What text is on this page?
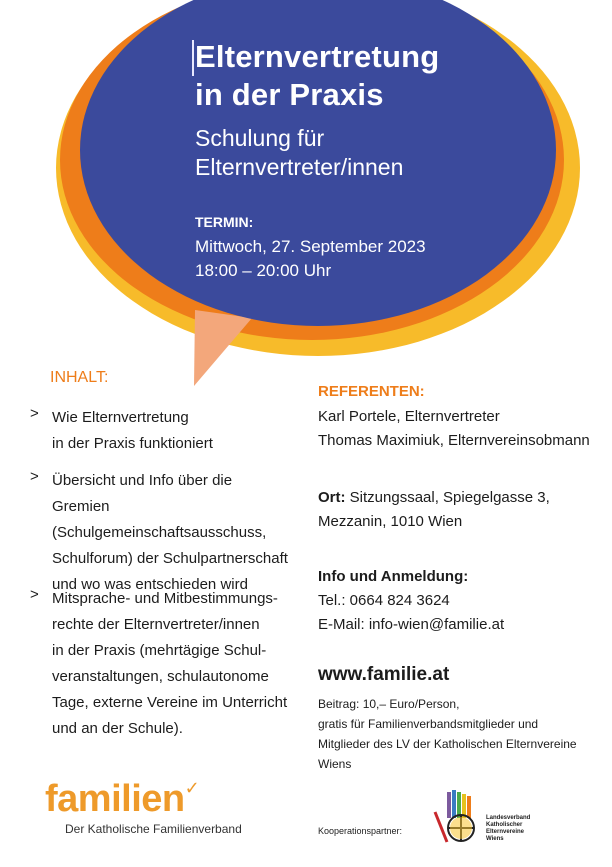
Elternvertretung
in der Praxis
Schulung für
Elternvertreter/innen
TERMIN:
Mittwoch, 27. September 2023
18:00 – 20:00 Uhr
INHALT:
> Wie Elternvertretung
in der Praxis funktioniert
> Übersicht und Info über die Gremien
(Schulgemeinschaftsausschuss,
Schulforum) der Schulpartnerschaft
und wo was entschieden wird
> Mitsprache- und Mitbestimmungs-
rechte der Elternvertreter/innen
in der Praxis (mehrtägige Schul-
veranstaltungen, schulautonome
Tage, externe Vereine im Unterricht
und an der Schule).
REFERENTEN:
Karl Portele, Elternvertreter
Thomas Maximiuk, Elternvereinsobmann
Ort: Sitzungssaal, Spiegelgasse 3,
Mezzanin, 1010 Wien
Info und Anmeldung:
Tel.: 0664 824 3624
E-Mail: info-wien@familie.at
www.familie.at
Beitrag: 10,– Euro/Person,
gratis für Familienverbandsmitglieder und
Mitglieder des LV der Katholischen Elternvereine
Wiens
familien✓
Der Katholische Familienverband	Kooperationspartner:
Landesverband
Katholischer
Elternvereine
Wiens
